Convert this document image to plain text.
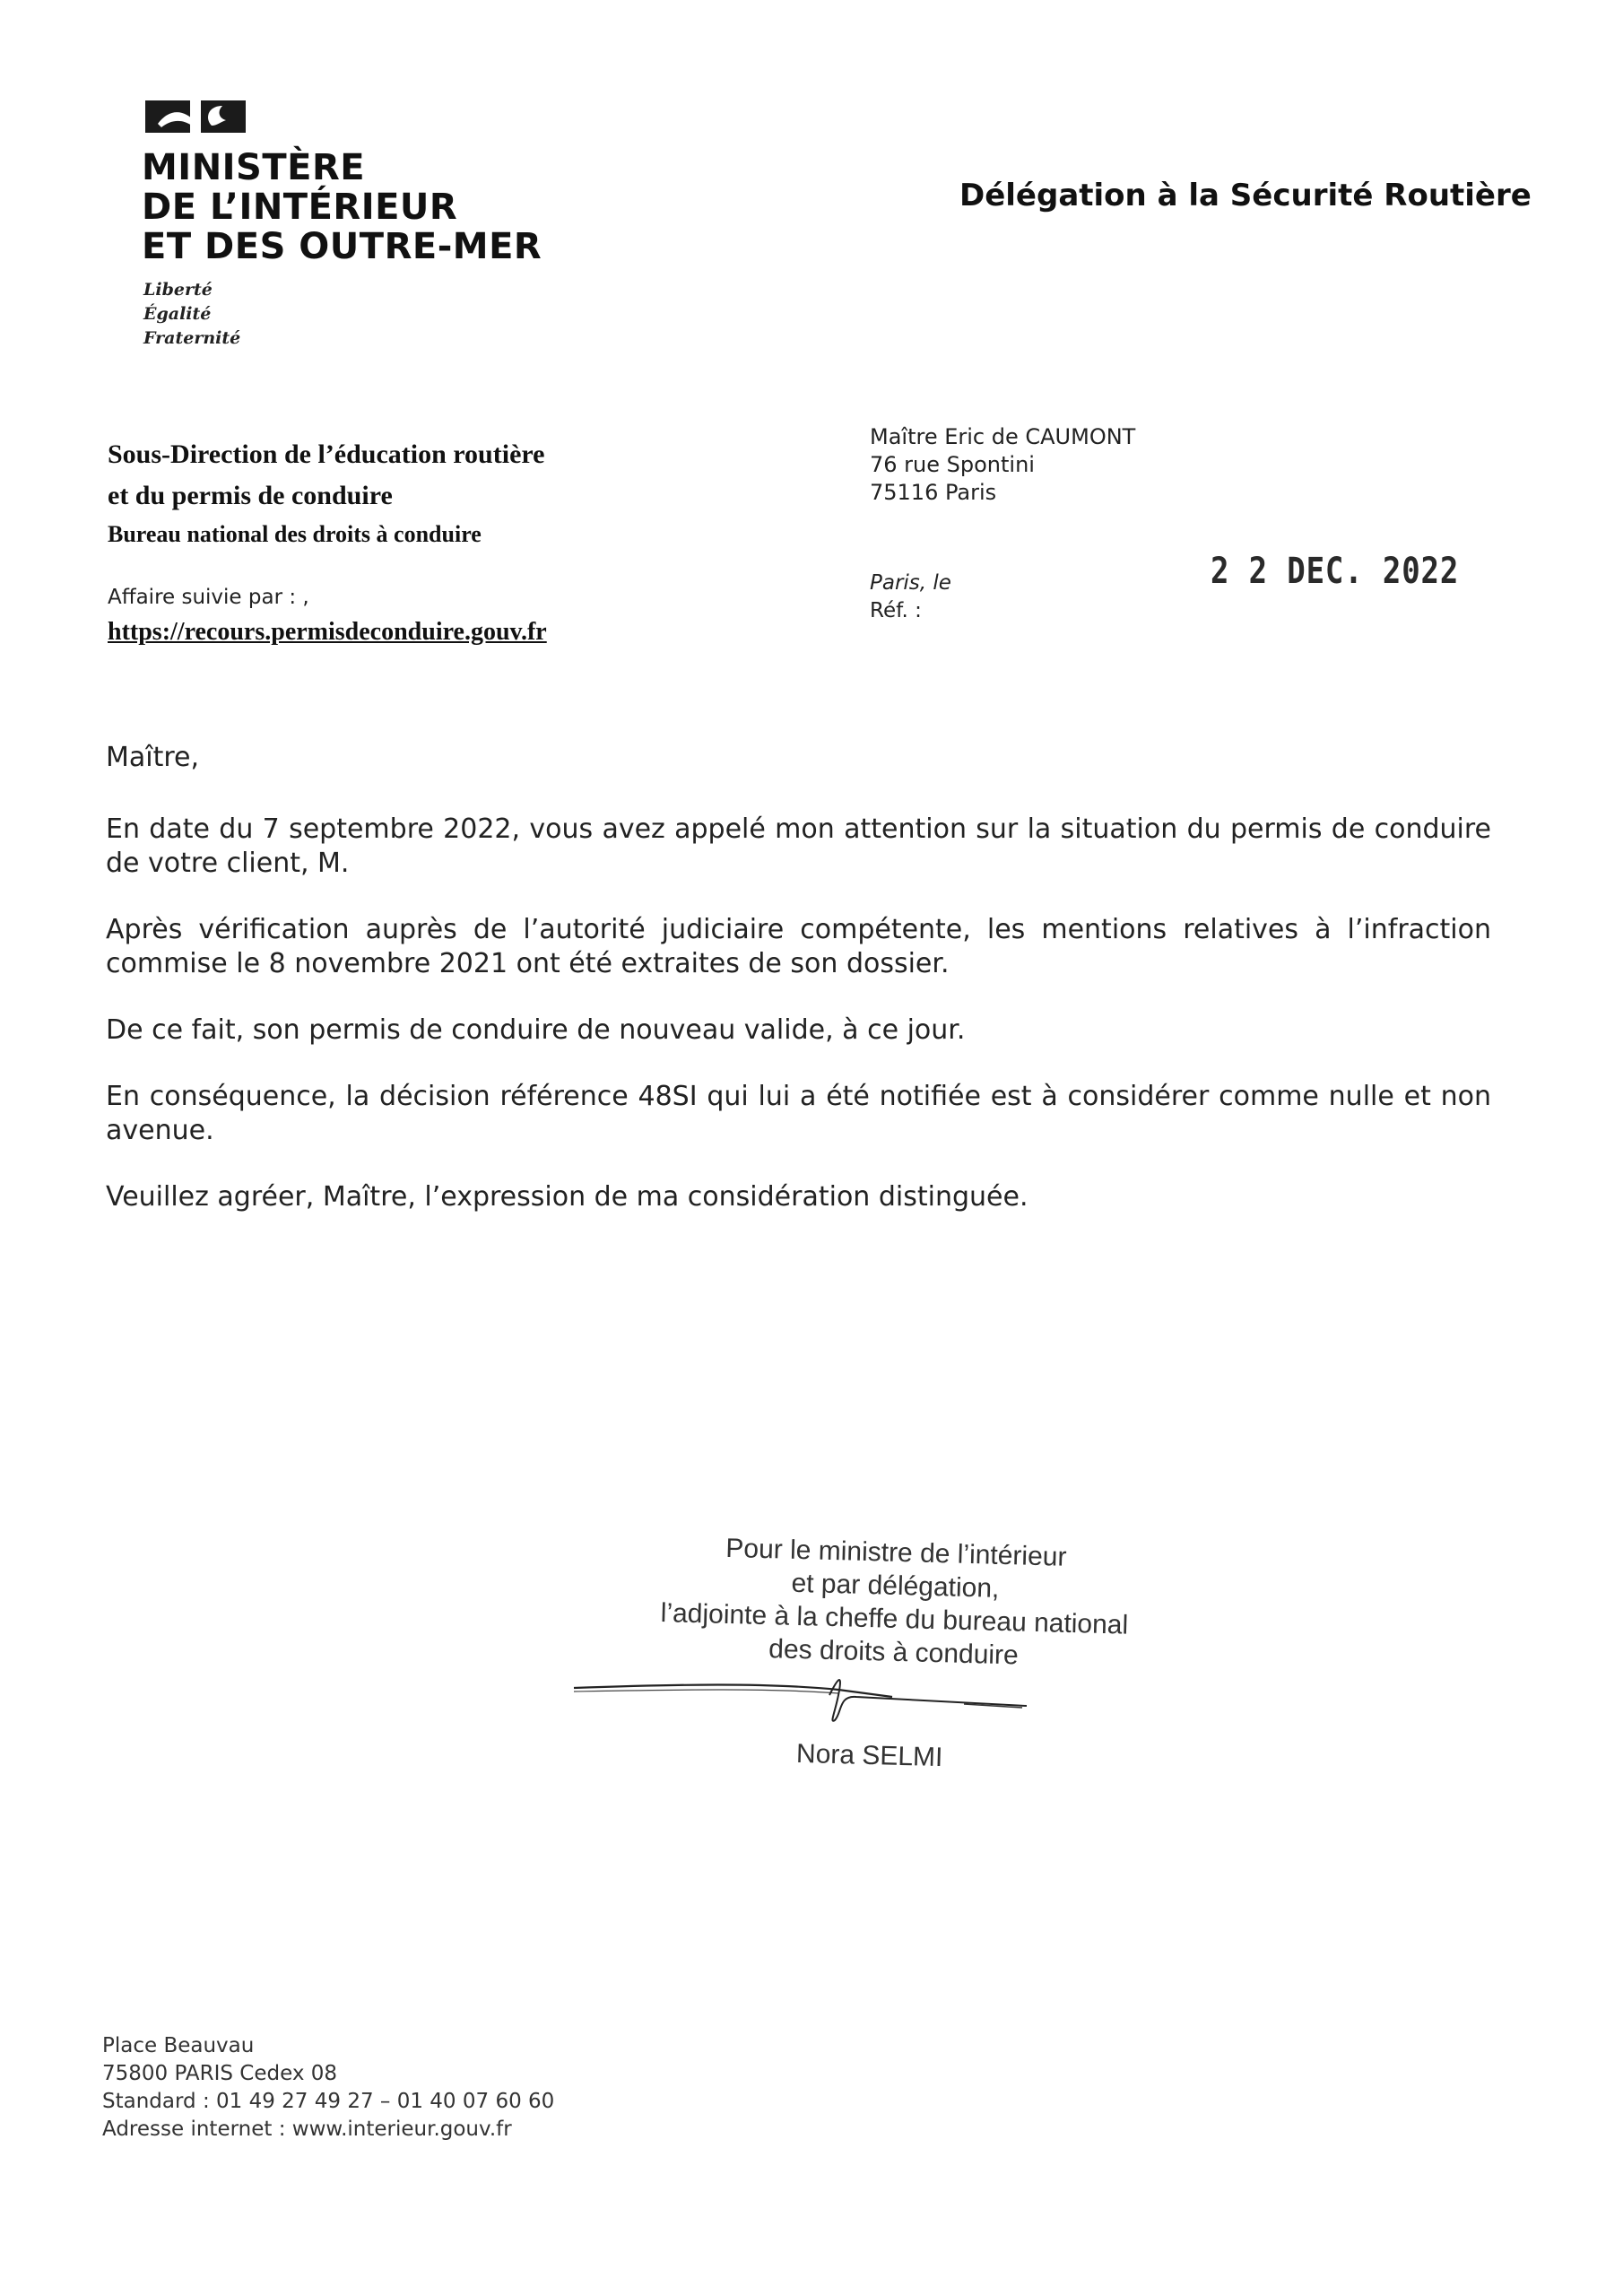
MINISTÈRE
DE L’INTÉRIEUR
ET DES OUTRE-MER
Liberté
Égalité
Fraternité
Délégation à la Sécurité Routière
Sous-Direction de l’éducation routière
et du permis de conduire
Bureau national des droits à conduire
Affaire suivie par : ,
https://recours.permisdeconduire.gouv.fr
Maître Eric de CAUMONT
76 rue Spontini
75116 Paris
Paris, le
Réf. :
2 2 DEC. 2022

Maître,

En date du 7 septembre 2022, vous avez appelé mon attention sur la situation du permis de conduire de votre client, M.

Après vérification auprès de l’autorité judiciaire compétente, les mentions relatives à l’infraction commise le 8 novembre 2021 ont été extraites de son dossier.

De ce fait, son permis de conduire de nouveau valide, à ce jour.

En conséquence, la décision référence 48SI qui lui a été notifiée est à considérer comme nulle et non avenue.

Veuillez agréer, Maître, l’expression de ma considération distinguée.

Pour le ministre de l’intérieur
et par délégation,
l’adjointe à la cheffe du bureau national
des droits à conduire
Nora SELMI
Place Beauvau
75800 PARIS Cedex 08
Standard : 01 49 27 49 27 – 01 40 07 60 60
Adresse internet : www.interieur.gouv.fr
